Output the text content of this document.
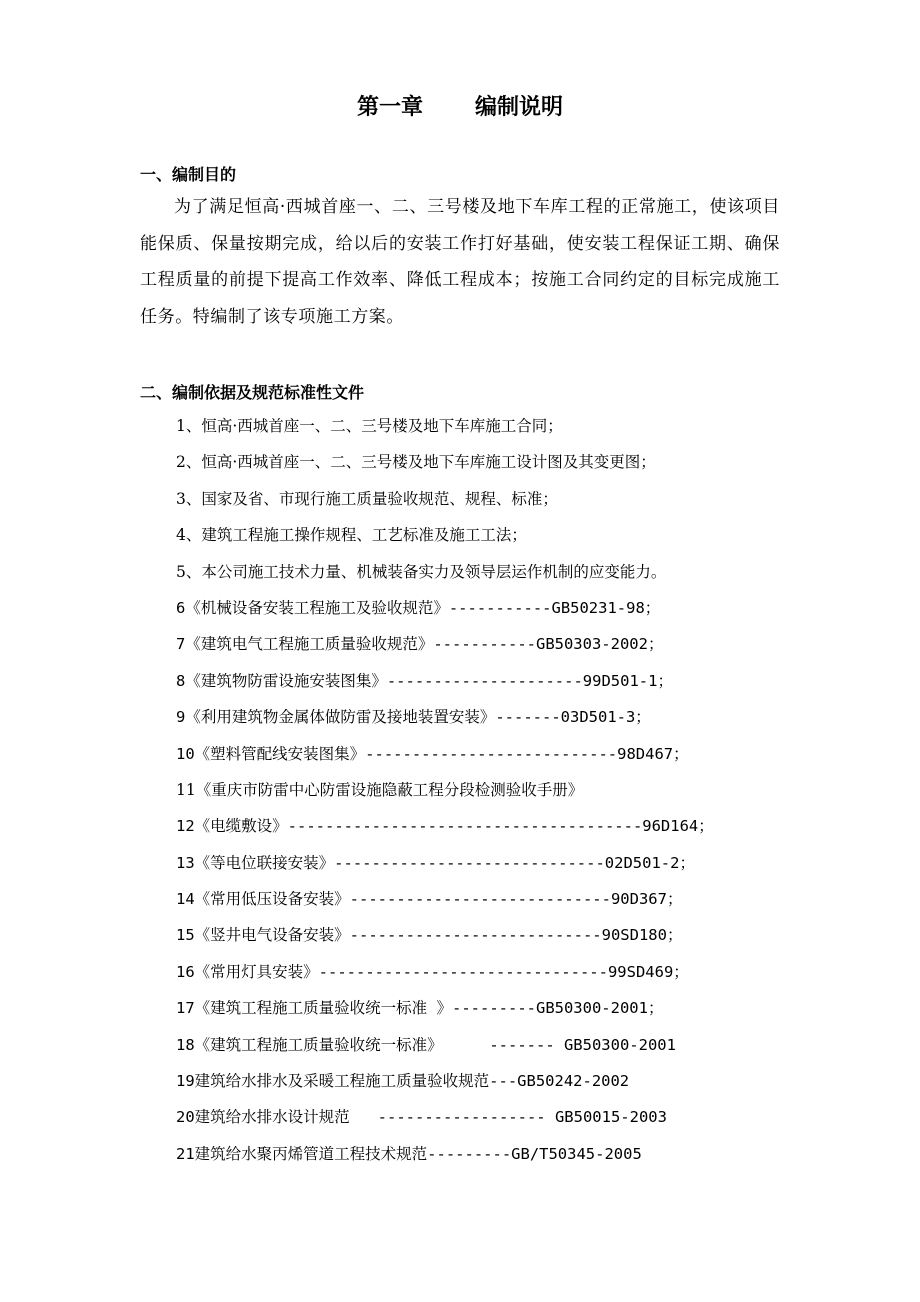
第一章 编制说明
一、编制目的
为了满足恒高·西城首座一、二、三号楼及地下车库工程的正常施工，使该项目能保质、保量按期完成，给以后的安装工作打好基础，使安装工程保证工期、确保工程质量的前提下提高工作效率、降低工程成本；按施工合同约定的目标完成施工任务。特编制了该专项施工方案。
二、编制依据及规范标准性文件
1、恒高·西城首座一、二、三号楼及地下车库施工合同；
2、恒高·西城首座一、二、三号楼及地下车库施工设计图及其变更图；
3、国家及省、市现行施工质量验收规范、规程、标准；
4、建筑工程施工操作规程、工艺标准及施工工法；
5、本公司施工技术力量、机械装备实力及领导层运作机制的应变能力。
6《机械设备安装工程施工及验收规范》-----------GB50231-98；
7《建筑电气工程施工质量验收规范》-----------GB50303-2002；
8《建筑物防雷设施安装图集》---------------------99D501-1；
9《利用建筑物金属体做防雷及接地装置安装》-------03D501-3；
10《塑料管配线安装图集》---------------------------98D467；
11《重庆市防雷中心防雷设施隐蔽工程分段检测验收手册》
12《电缆敷设》--------------------------------------96D164；
13《等电位联接安装》-----------------------------02D501-2；
14《常用低压设备安装》----------------------------90D367；
15《竖井电气设备安装》---------------------------90SD180；
16《常用灯具安装》-------------------------------99SD469；
17《建筑工程施工质量验收统一标准 》---------GB50300-2001；
18《建筑工程施工质量验收统一标准》     ------- GB50300-2001
19建筑给水排水及采暖工程施工质量验收规范---GB50242-2002
20建筑给水排水设计规范   ------------------ GB50015-2003
21建筑给水聚丙烯管道工程技术规范---------GB/T50345-2005
